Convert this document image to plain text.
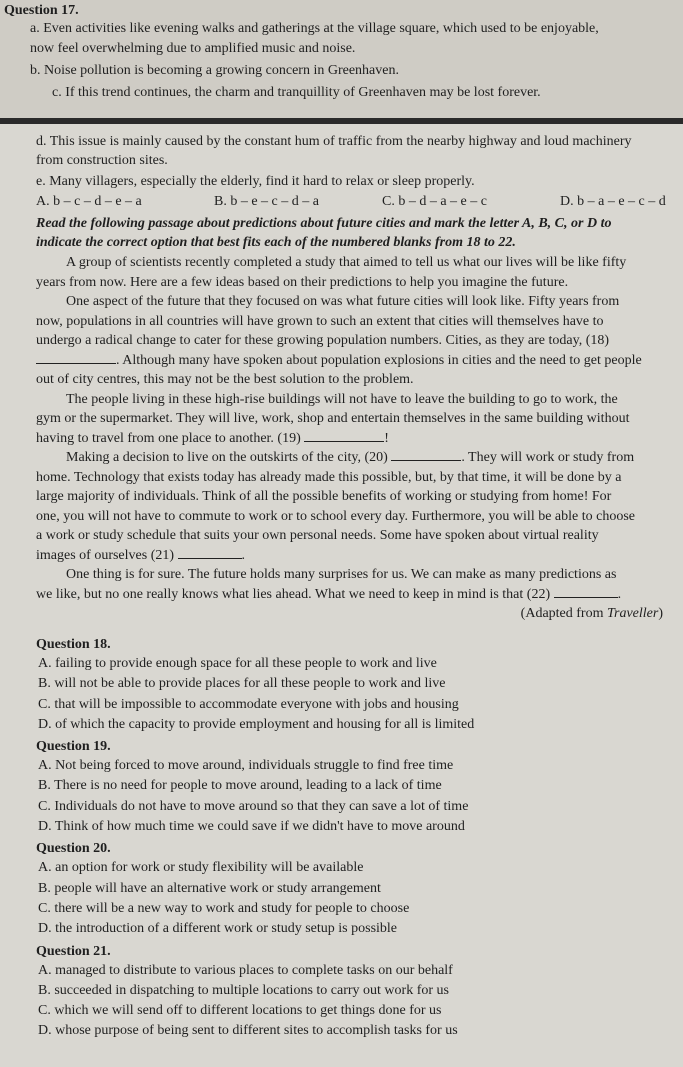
Question 17.

a. Even activities like evening walks and gatherings at the village square, which used to be enjoyable,

now feel overwhelming due to amplified music and noise.

b. Noise pollution is becoming a growing concern in Greenhaven.

c. If this trend continues, the charm and tranquillity of Greenhaven may be lost forever.

d. This issue is mainly caused by the constant hum of traffic from the nearby highway and loud machinery

from construction sites.

e. Many villagers, especially the elderly, find it hard to relax or sleep properly.

A. b – c – d – e – a	B. b – e – c – d – a	C. b – d – a – e – c	D. b – a – e – c – d

Read the following passage about predictions about future cities and mark the letter A, B, C, or D to

indicate the correct option that best fits each of the numbered blanks from 18 to 22.

A group of scientists recently completed a study that aimed to tell us what our lives will be like fifty
years from now. Here are a few ideas based on their predictions to help you imagine the future.
One aspect of the future that they focused on was what future cities will look like. Fifty years from
now, populations in all countries will have grown to such an extent that cities will themselves have to
undergo a radical change to cater for these growing population numbers. Cities, as they are today, (18)
. Although many have spoken about population explosions in cities and the need to get people
out of city centres, this may not be the best solution to the problem.
The people living in these high-rise buildings will not have to leave the building to go to work, the
gym or the supermarket. They will live, work, shop and entertain themselves in the same building without
having to travel from one place to another. (19)	!
Making a decision to live on the outskirts of the city, (20)	. They will work or study from
home. Technology that exists today has already made this possible, but, by that time, it will be done by a
large majority of individuals. Think of all the possible benefits of working or studying from home! For
one, you will not have to commute to work or to school every day. Furthermore, you will be able to choose
a work or study schedule that suits your own personal needs. Some have spoken about virtual reality
images of ourselves (21)	.
One thing is for sure. The future holds many surprises for us. We can make as many predictions as
we like, but no one really knows what lies ahead. What we need to keep in mind is that (22)	.

(Adapted from Traveller)

Question 18.

A. failing to provide enough space for all these people to work and live

B. will not be able to provide places for all these people to work and live

C. that will be impossible to accommodate everyone with jobs and housing

D. of which the capacity to provide employment and housing for all is limited

Question 19.

A. Not being forced to move around, individuals struggle to find free time

B. There is no need for people to move around, leading to a lack of time

C. Individuals do not have to move around so that they can save a lot of time

D. Think of how much time we could save if we didn't have to move around

Question 20.

A. an option for work or study flexibility will be available

B. people will have an alternative work or study arrangement

C. there will be a new way to work and study for people to choose

D. the introduction of a different work or study setup is possible

Question 21.

A. managed to distribute to various places to complete tasks on our behalf

B. succeeded in dispatching to multiple locations to carry out work for us

C. which we will send off to different locations to get things done for us

D. whose purpose of being sent to different sites to accomplish tasks for us
